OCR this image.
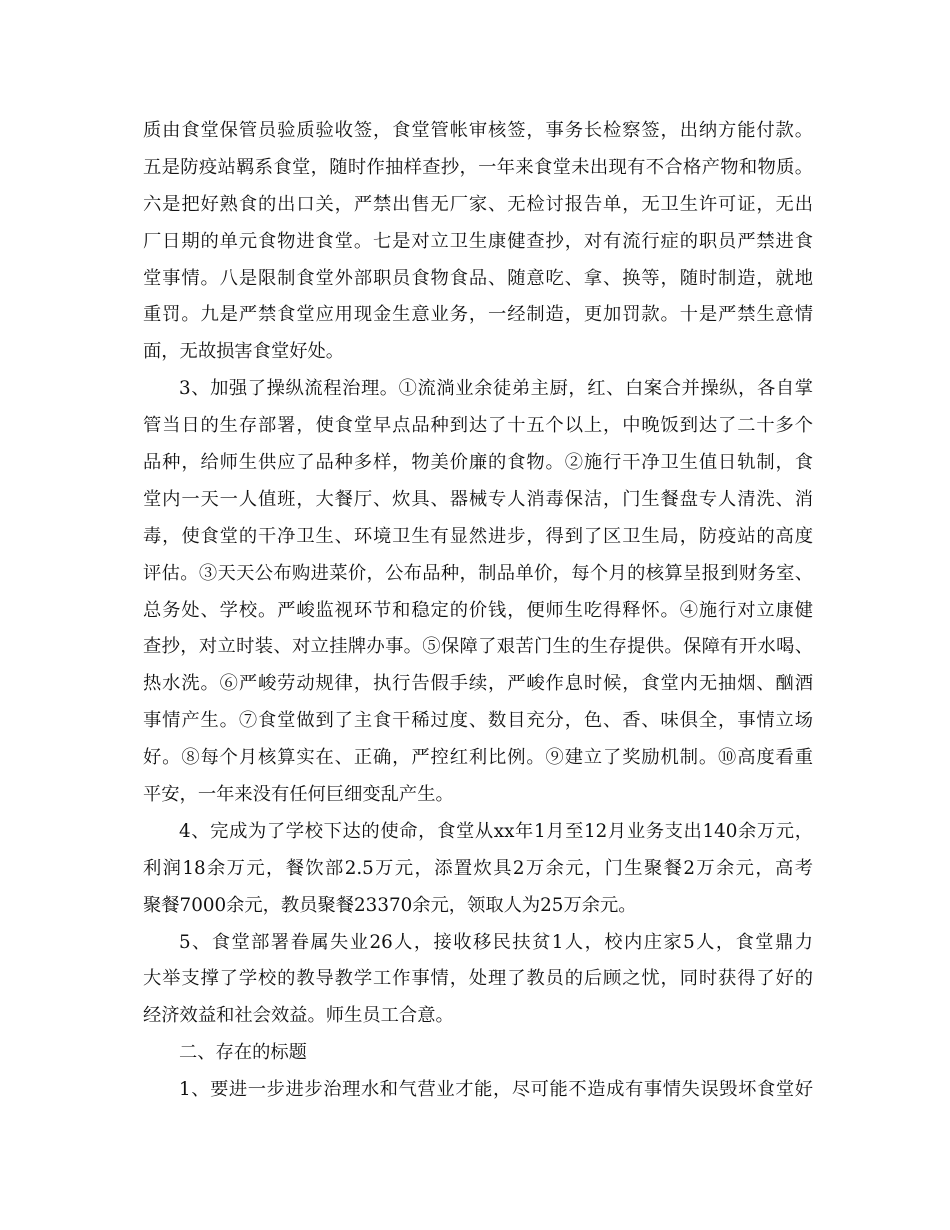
质由食堂保管员验质验收签，食堂管帐审核签，事务长检察签，出纳方能付款。
五是防疫站羁系食堂，随时作抽样查抄，一年来食堂未出现有不合格产物和物质。
六是把好熟食的出口关，严禁出售无厂家、无检讨报告单，无卫生许可证，无出
厂日期的单元食物进食堂。七是对立卫生康健查抄，对有流行症的职员严禁进食
堂事情。八是限制食堂外部职员食物食品、随意吃、拿、换等，随时制造，就地
重罚。九是严禁食堂应用现金生意业务，一经制造，更加罚款。十是严禁生意情
面，无故损害食堂好处。
3、加强了操纵流程治理。①流淌业余徒弟主厨，红、白案合并操纵，各自掌
管当日的生存部署，使食堂早点品种到达了十五个以上，中晚饭到达了二十多个
品种，给师生供应了品种多样，物美价廉的食物。②施行干净卫生值日轨制，食
堂内一天一人值班，大餐厅、炊具、器械专人消毒保洁，门生餐盘专人清洗、消
毒，使食堂的干净卫生、环境卫生有显然进步，得到了区卫生局，防疫站的高度
评估。③天天公布购进菜价，公布品种，制品单价，每个月的核算呈报到财务室、
总务处、学校。严峻监视环节和稳定的价钱，便师生吃得释怀。④施行对立康健
查抄，对立时装、对立挂牌办事。⑤保障了艰苦门生的生存提供。保障有开水喝、
热水洗。⑥严峻劳动规律，执行告假手续，严峻作息时候，食堂内无抽烟、酗酒
事情产生。⑦食堂做到了主食干稀过度、数目充分，色、香、味俱全，事情立场
好。⑧每个月核算实在、正确，严控红利比例。⑨建立了奖励机制。⑩高度看重
平安，一年来没有任何巨细变乱产生。
4、完成为了学校下达的使命，食堂从xx年1月至12月业务支出140余万元，
利润18余万元，餐饮部2.5万元，添置炊具2万余元，门生聚餐2万余元，高考
聚餐7000余元，教员聚餐23370余元，领取人为25万余元。
5、食堂部署眷属失业26人，接收移民扶贫1人，校内庄家5人，食堂鼎力
大举支撑了学校的教导教学工作事情，处理了教员的后顾之忧，同时获得了好的
经济效益和社会效益。师生员工合意。
二、存在的标题
1、要进一步进步治理水和气营业才能，尽可能不造成有事情失误毁坏食堂好
